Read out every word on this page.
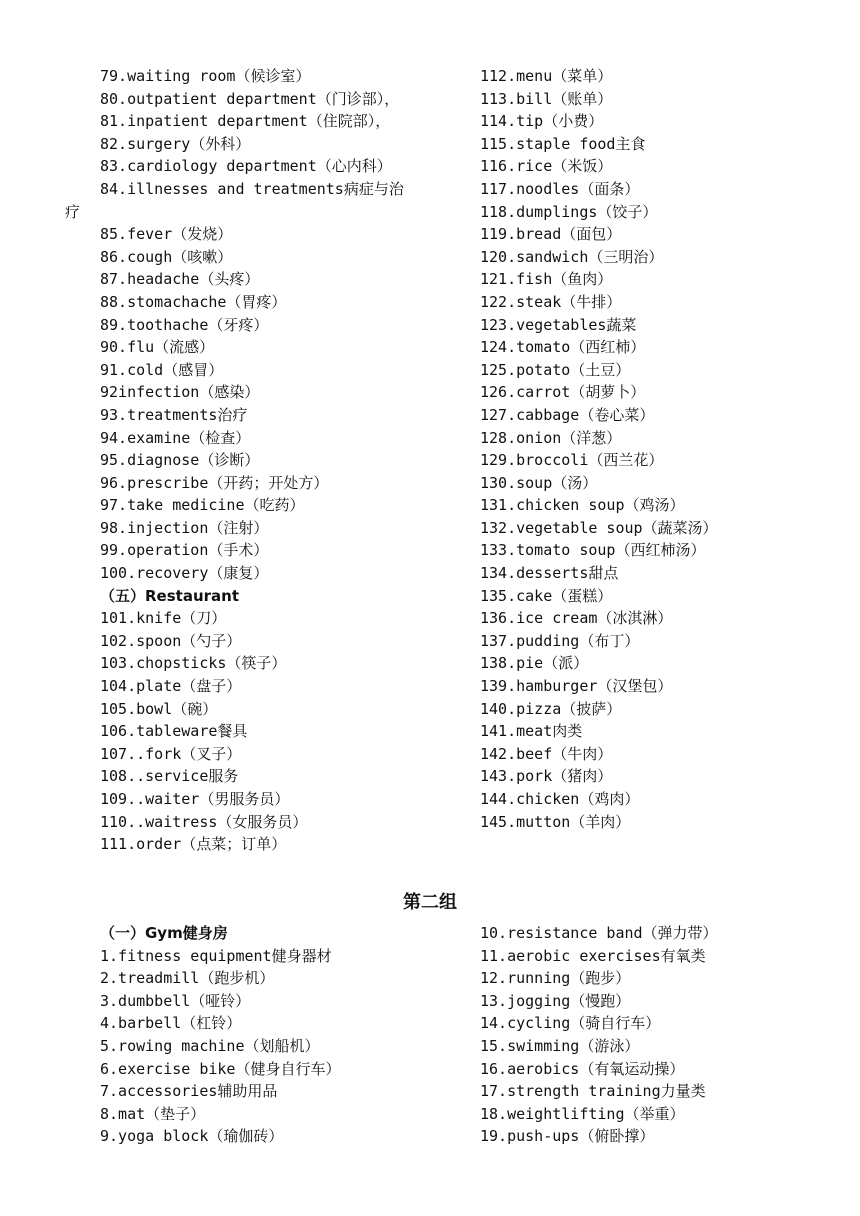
79.waiting room（候诊室）
80.outpatient department（门诊部），
81.inpatient department（住院部），
82.surgery（外科）
83.cardiology department（心内科）
84.illnesses and treatments病症与治
疗
85.fever（发烧）
86.cough（咳嗽）
87.headache（头疼）
88.stomachache（胃疼）
89.toothache（牙疼）
90.flu（流感）
91.cold（感冒）
92infection（感染）
93.treatments治疗
94.examine（检查）
95.diagnose（诊断）
96.prescribe（开药；开处方）
97.take medicine（吃药）
98.injection（注射）
99.operation（手术）
100.recovery（康复）
（五）Restaurant
101.knife（刀）
102.spoon（勺子）
103.chopsticks（筷子）
104.plate（盘子）
105.bowl（碗）
106.tableware餐具
107..fork（叉子）
108..service服务
109..waiter（男服务员）
110..waitress（女服务员）
111.order（点菜；订单）
112.menu（菜单）
113.bill（账单）
114.tip（小费）
115.staple food主食
116.rice（米饭）
117.noodles（面条）
118.dumplings（饺子）
119.bread（面包）
120.sandwich（三明治）
121.fish（鱼肉）
122.steak（牛排）
123.vegetables蔬菜
124.tomato（西红柿）
125.potato（土豆）
126.carrot（胡萝卜）
127.cabbage（卷心菜）
128.onion（洋葱）
129.broccoli（西兰花）
130.soup（汤）
131.chicken soup（鸡汤）
132.vegetable soup（蔬菜汤）
133.tomato soup（西红柿汤）
134.desserts甜点
135.cake（蛋糕）
136.ice cream（冰淇淋）
137.pudding（布丁）
138.pie（派）
139.hamburger（汉堡包）
140.pizza（披萨）
141.meat肉类
142.beef（牛肉）
143.pork（猪肉）
144.chicken（鸡肉）
145.mutton（羊肉）
第二组
（一）Gym健身房
1.fitness equipment健身器材
2.treadmill（跑步机）
3.dumbbell（哑铃）
4.barbell（杠铃）
5.rowing machine（划船机）
6.exercise bike（健身自行车）
7.accessories辅助用品
8.mat（垫子）
9.yoga block（瑜伽砖）
10.resistance band（弹力带）
11.aerobic exercises有氧类
12.running（跑步）
13.jogging（慢跑）
14.cycling（骑自行车）
15.swimming（游泳）
16.aerobics（有氧运动操）
17.strength training力量类
18.weightlifting（举重）
19.push-ups（俯卧撑）
